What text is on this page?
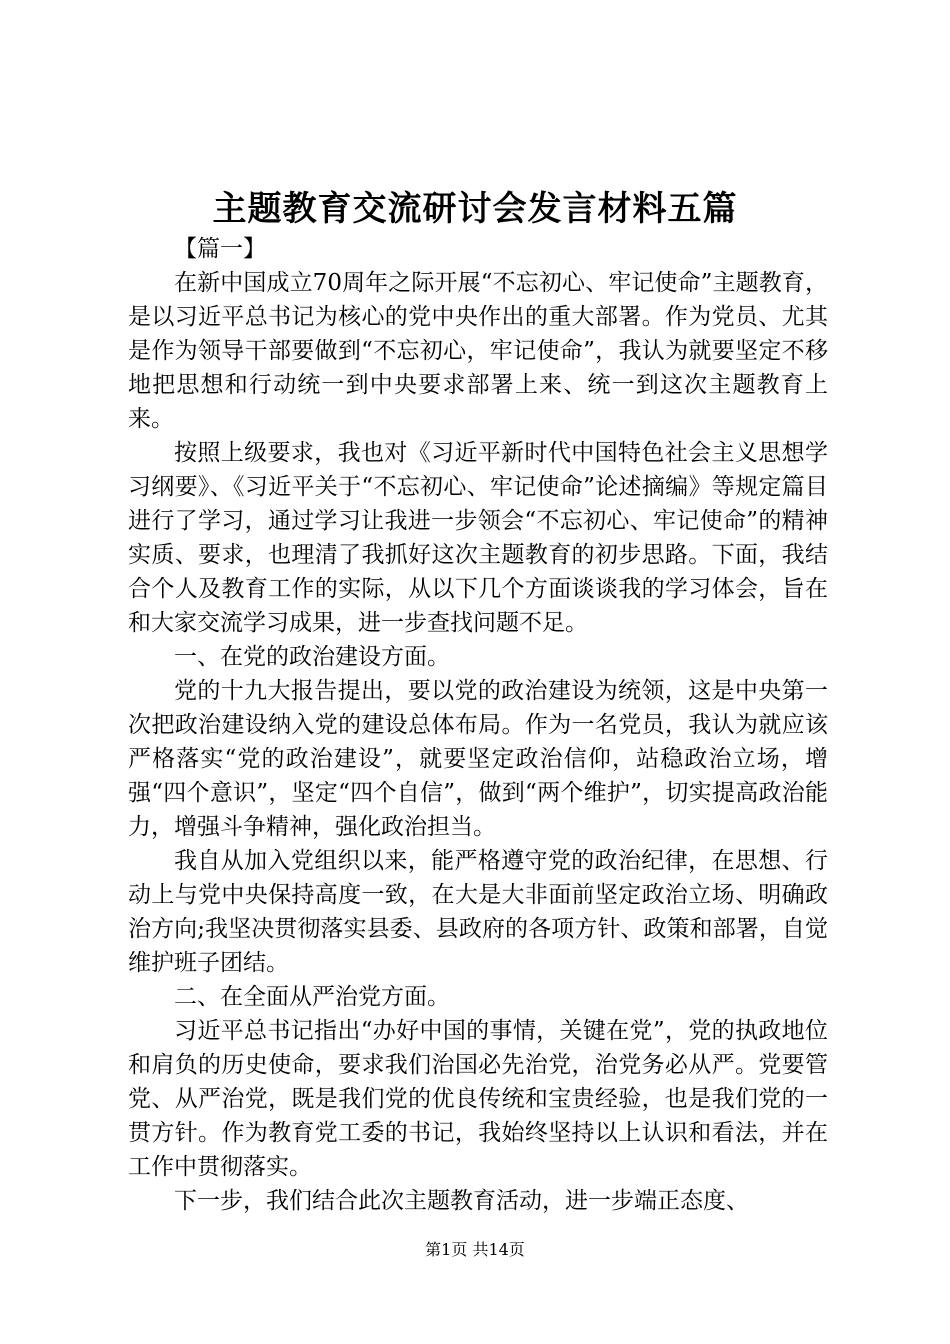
主题教育交流研讨会发言材料五篇

【篇一】

在新中国成立70周年之际开展“不忘初心、牢记使命”主题教育，是以习近平总书记为核心的党中央作出的重大部署。作为党员、尤其是作为领导干部要做到“不忘初心，牢记使命”，我认为就要坚定不移地把思想和行动统一到中央要求部署上来、统一到这次主题教育上来。

按照上级要求，我也对《习近平新时代中国特色社会主义思想学习纲要》、《习近平关于“不忘初心、牢记使命”论述摘编》等规定篇目进行了学习，通过学习让我进一步领会“不忘初心、牢记使命”的精神实质、要求，也理清了我抓好这次主题教育的初步思路。下面，我结合个人及教育工作的实际，从以下几个方面谈谈我的学习体会，旨在和大家交流学习成果，进一步查找问题不足。

一、在党的政治建设方面。

党的十九大报告提出，要以党的政治建设为统领，这是中央第一次把政治建设纳入党的建设总体布局。作为一名党员，我认为就应该严格落实“党的政治建设”，就要坚定政治信仰，站稳政治立场，增强“四个意识”，坚定“四个自信”，做到“两个维护”，切实提高政治能力，增强斗争精神，强化政治担当。

我自从加入党组织以来，能严格遵守党的政治纪律，在思想、行动上与党中央保持高度一致，在大是大非面前坚定政治立场、明确政治方向;我坚决贯彻落实县委、县政府的各项方针、政策和部署，自觉维护班子团结。

二、在全面从严治党方面。

习近平总书记指出“办好中国的事情，关键在党”，党的执政地位和肩负的历史使命，要求我们治国必先治党，治党务必从严。党要管党、从严治党，既是我们党的优良传统和宝贵经验，也是我们党的一贯方针。作为教育党工委的书记，我始终坚持以上认识和看法，并在工作中贯彻落实。

下一步，我们结合此次主题教育活动，进一步端正态度、

第1页 共14页
